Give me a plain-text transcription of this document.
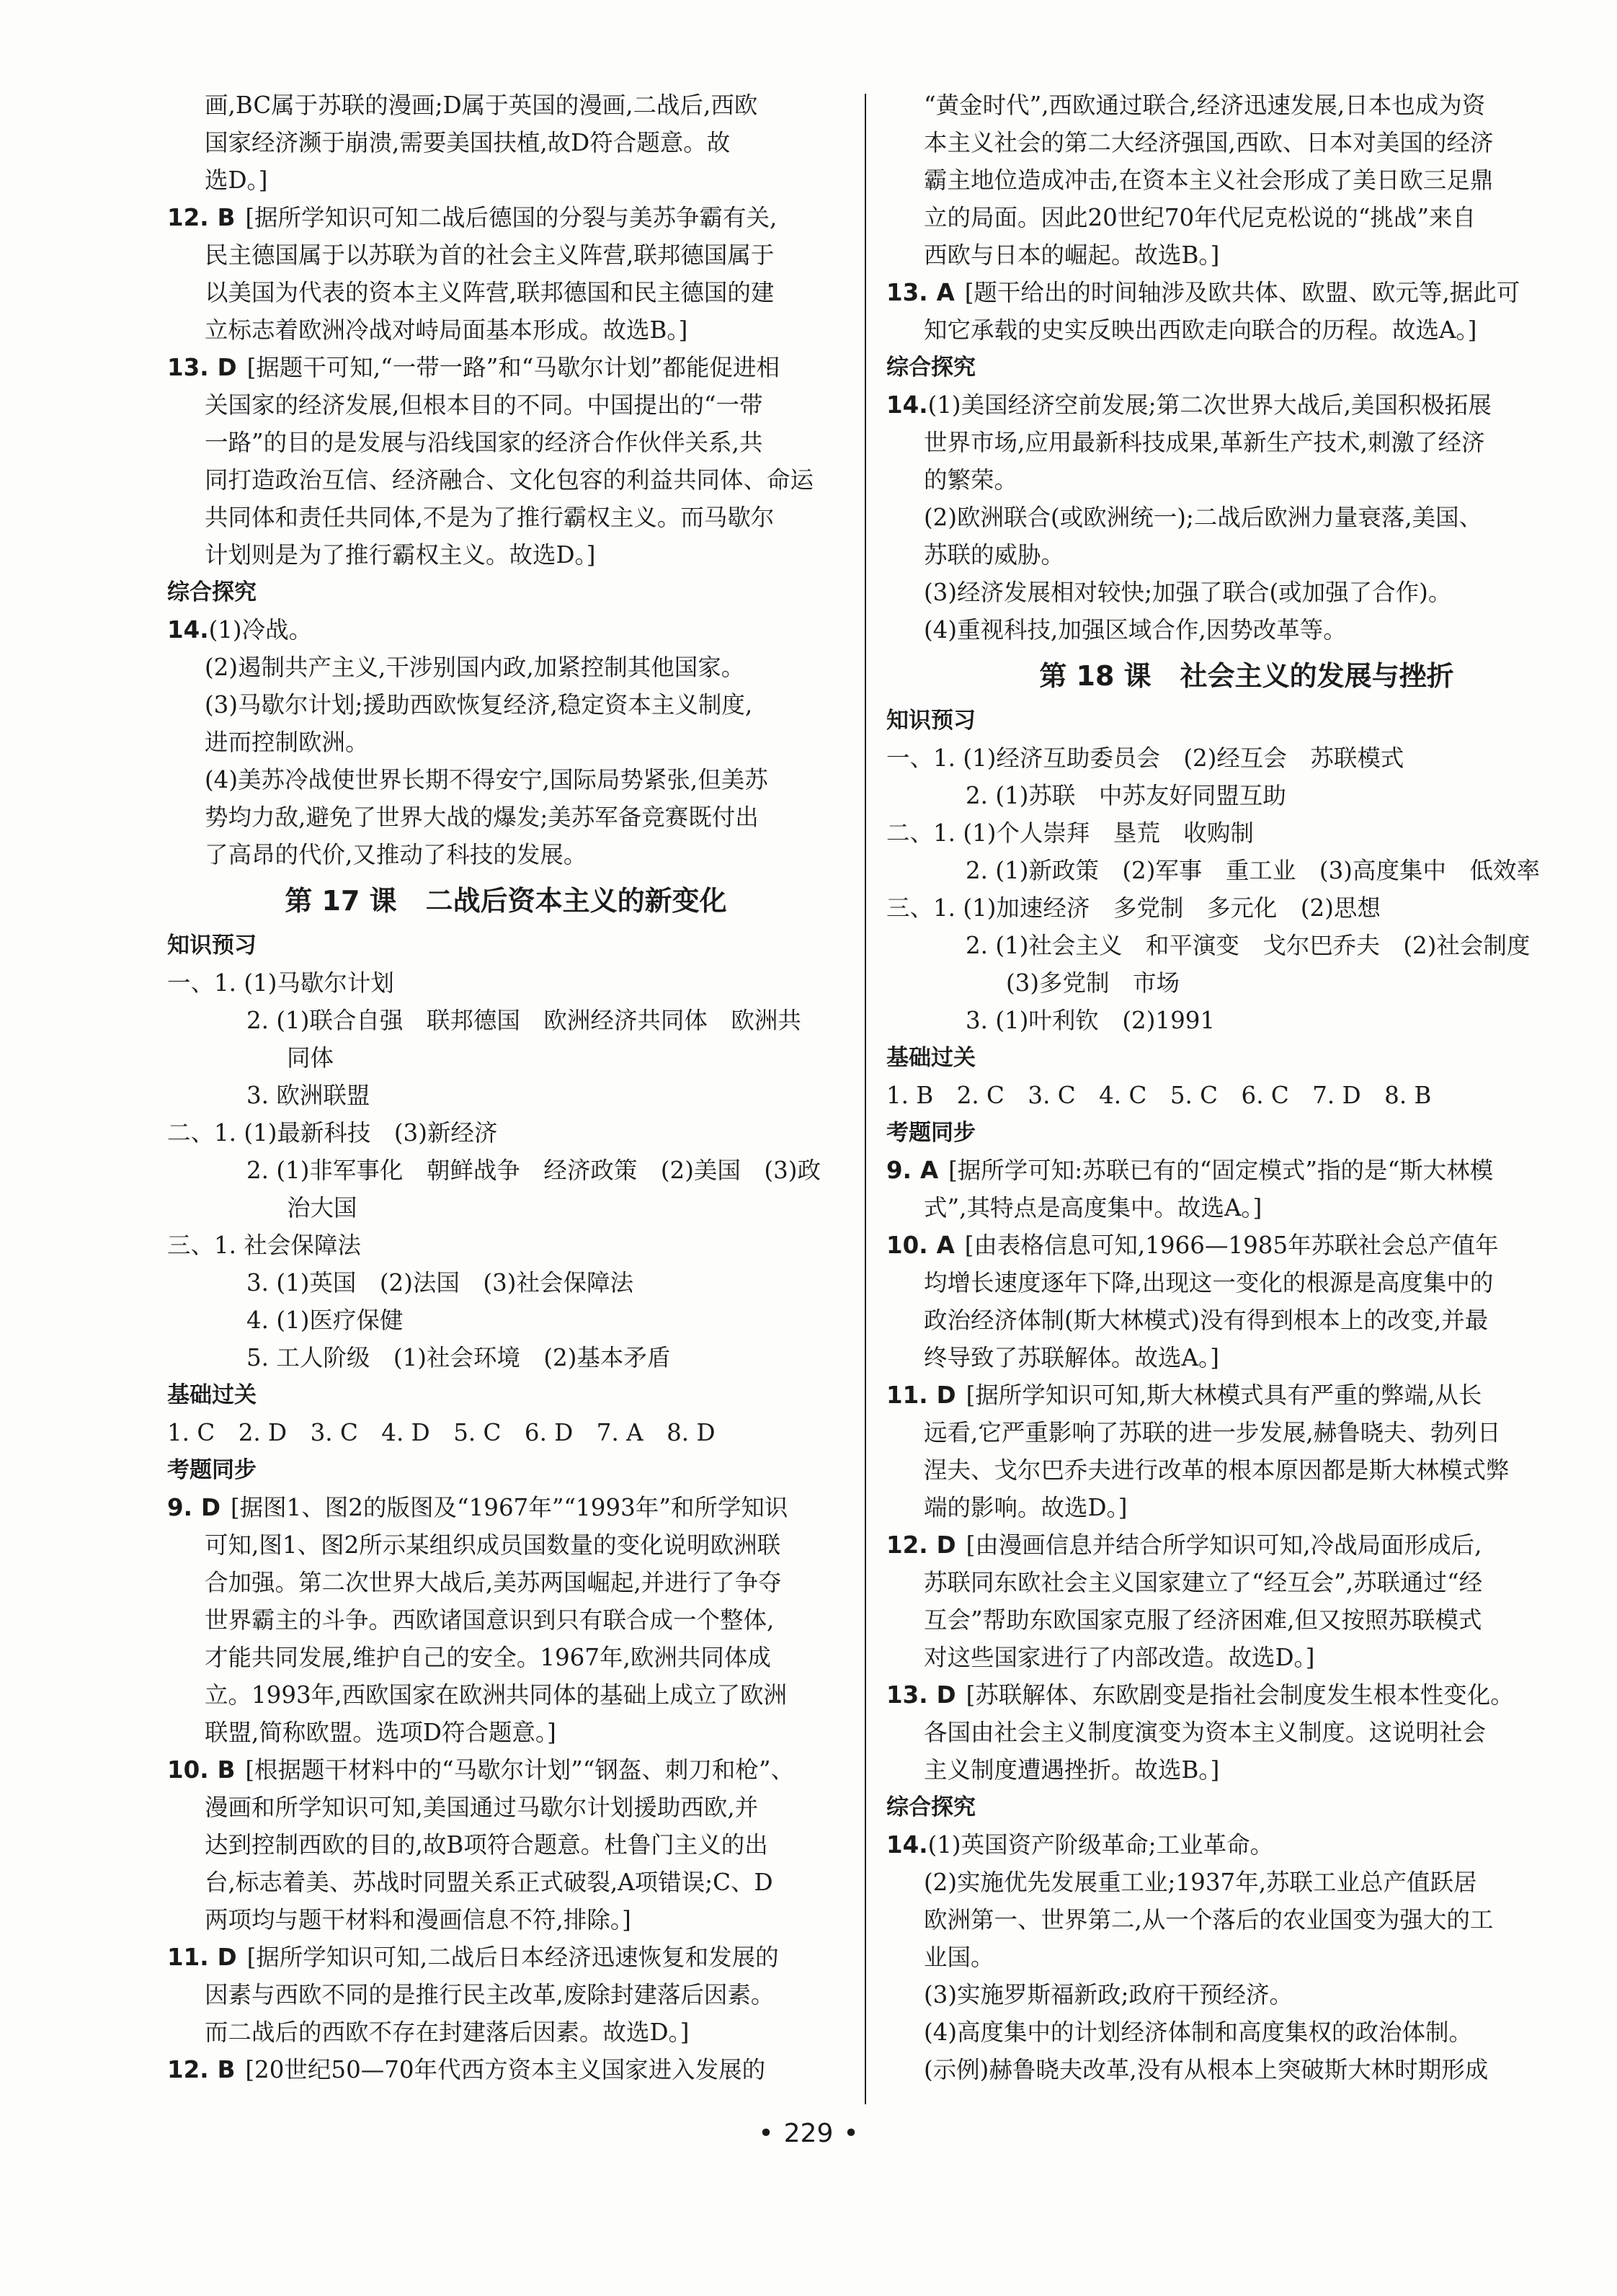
画,BC属于苏联的漫画;D属于英国的漫画,二战后,西欧
国家经济濒于崩溃,需要美国扶植,故D符合题意。故
选D。]
12. B [据所学知识可知二战后德国的分裂与美苏争霸有关,
民主德国属于以苏联为首的社会主义阵营,联邦德国属于
以美国为代表的资本主义阵营,联邦德国和民主德国的建
立标志着欧洲冷战对峙局面基本形成。故选B。]
13. D [据题干可知,“一带一路”和“马歇尔计划”都能促进相
关国家的经济发展,但根本目的不同。中国提出的“一带
一路”的目的是发展与沿线国家的经济合作伙伴关系,共
同打造政治互信、经济融合、文化包容的利益共同体、命运
共同体和责任共同体,不是为了推行霸权主义。而马歇尔
计划则是为了推行霸权主义。故选D。]
综合探究
14.(1)冷战。
(2)遏制共产主义,干涉别国内政,加紧控制其他国家。
(3)马歇尔计划;援助西欧恢复经济,稳定资本主义制度,
进而控制欧洲。
(4)美苏冷战使世界长期不得安宁,国际局势紧张,但美苏
势均力敌,避免了世界大战的爆发;美苏军备竞赛既付出
了高昂的代价,又推动了科技的发展。
第 17 课 二战后资本主义的新变化
知识预习
一、1. (1)马歇尔计划
2. (1)联合自强　联邦德国　欧洲经济共同体　欧洲共
同体
3. 欧洲联盟
二、1. (1)最新科技　(3)新经济
2. (1)非军事化　朝鲜战争　经济政策　(2)美国　(3)政
治大国
三、1. 社会保障法
3. (1)英国　(2)法国　(3)社会保障法
4. (1)医疗保健
5. 工人阶级　(1)社会环境　(2)基本矛盾
基础过关
1. C　2. D　3. C　4. D　5. C　6. D　7. A　8. D
考题同步
9. D [据图1、图2的版图及“1967年”“1993年”和所学知识
可知,图1、图2所示某组织成员国数量的变化说明欧洲联
合加强。第二次世界大战后,美苏两国崛起,并进行了争夺
世界霸主的斗争。西欧诸国意识到只有联合成一个整体,
才能共同发展,维护自己的安全。1967年,欧洲共同体成
立。1993年,西欧国家在欧洲共同体的基础上成立了欧洲
联盟,简称欧盟。选项D符合题意。]
10. B [根据题干材料中的“马歇尔计划”“钢盔、刺刀和枪”、
漫画和所学知识可知,美国通过马歇尔计划援助西欧,并
达到控制西欧的目的,故B项符合题意。杜鲁门主义的出
台,标志着美、苏战时同盟关系正式破裂,A项错误;C、D
两项均与题干材料和漫画信息不符,排除。]
11. D [据所学知识可知,二战后日本经济迅速恢复和发展的
因素与西欧不同的是推行民主改革,废除封建落后因素。
而二战后的西欧不存在封建落后因素。故选D。]
12. B [20世纪50—70年代西方资本主义国家进入发展的
“黄金时代”,西欧通过联合,经济迅速发展,日本也成为资
本主义社会的第二大经济强国,西欧、日本对美国的经济
霸主地位造成冲击,在资本主义社会形成了美日欧三足鼎
立的局面。因此20世纪70年代尼克松说的“挑战”来自
西欧与日本的崛起。故选B。]
13. A [题干给出的时间轴涉及欧共体、欧盟、欧元等,据此可
知它承载的史实反映出西欧走向联合的历程。故选A。]
综合探究
14.(1)美国经济空前发展;第二次世界大战后,美国积极拓展
世界市场,应用最新科技成果,革新生产技术,刺激了经济
的繁荣。
(2)欧洲联合(或欧洲统一);二战后欧洲力量衰落,美国、
苏联的威胁。
(3)经济发展相对较快;加强了联合(或加强了合作)。
(4)重视科技,加强区域合作,因势改革等。
第 18 课 社会主义的发展与挫折
知识预习
一、1. (1)经济互助委员会　(2)经互会　苏联模式
2. (1)苏联　中苏友好同盟互助
二、1. (1)个人崇拜　垦荒　收购制
2. (1)新政策　(2)军事　重工业　(3)高度集中　低效率
三、1. (1)加速经济　多党制　多元化　(2)思想
2. (1)社会主义　和平演变　戈尔巴乔夫　(2)社会制度
(3)多党制　市场
3. (1)叶利钦　(2)1991
基础过关
1. B　2. C　3. C　4. C　5. C　6. C　7. D　8. B
考题同步
9. A [据所学可知:苏联已有的“固定模式”指的是“斯大林模
式”,其特点是高度集中。故选A。]
10. A [由表格信息可知,1966—1985年苏联社会总产值年
均增长速度逐年下降,出现这一变化的根源是高度集中的
政治经济体制(斯大林模式)没有得到根本上的改变,并最
终导致了苏联解体。故选A。]
11. D [据所学知识可知,斯大林模式具有严重的弊端,从长
远看,它严重影响了苏联的进一步发展,赫鲁晓夫、勃列日
涅夫、戈尔巴乔夫进行改革的根本原因都是斯大林模式弊
端的影响。故选D。]
12. D [由漫画信息并结合所学知识可知,冷战局面形成后,
苏联同东欧社会主义国家建立了“经互会”,苏联通过“经
互会”帮助东欧国家克服了经济困难,但又按照苏联模式
对这些国家进行了内部改造。故选D。]
13. D [苏联解体、东欧剧变是指社会制度发生根本性变化。
各国由社会主义制度演变为资本主义制度。这说明社会
主义制度遭遇挫折。故选B。]
综合探究
14.(1)英国资产阶级革命;工业革命。
(2)实施优先发展重工业;1937年,苏联工业总产值跃居
欧洲第一、世界第二,从一个落后的农业国变为强大的工
业国。
(3)实施罗斯福新政;政府干预经济。
(4)高度集中的计划经济体制和高度集权的政治体制。
(示例)赫鲁晓夫改革,没有从根本上突破斯大林时期形成
• 229 •
